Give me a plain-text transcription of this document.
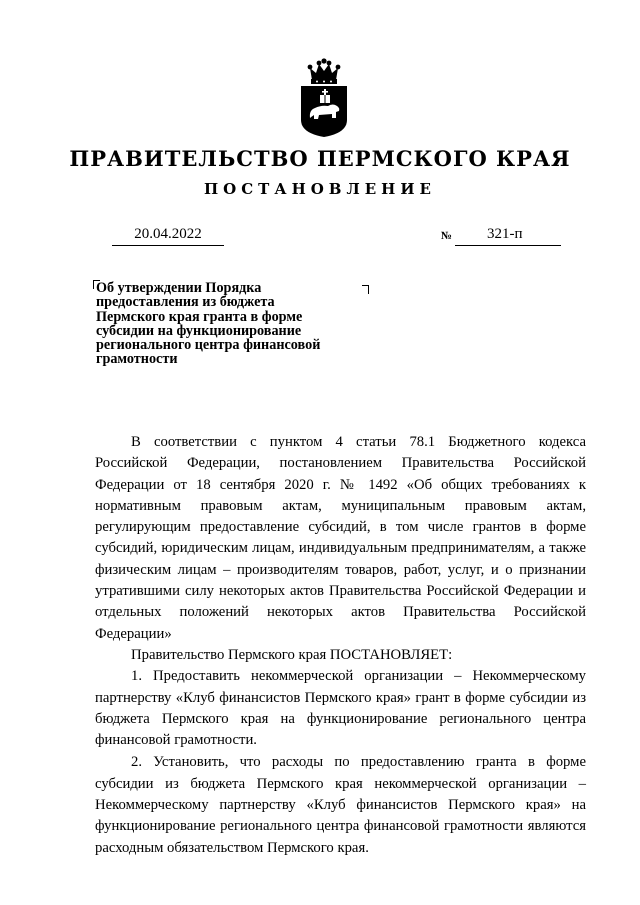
ПРАВИТЕЛЬСТВО ПЕРМСКОГО КРАЯ
ПОСТАНОВЛЕНИЕ
20.04.2022	№ 321-п
Об утверждении Порядка
предоставления из бюджета
Пермского края гранта в форме
субсидии на функционирование
регионального центра финансовой
грамотности

В соответствии с пунктом 4 статьи 78.1 Бюджетного кодекса Российской Федерации, постановлением Правительства Российской Федерации от 18 сентября 2020 г. № 1492 «Об общих требованиях к нормативным правовым актам, муниципальным правовым актам, регулирующим предоставление субсидий, в том числе грантов в форме субсидий, юридическим лицам, индивидуальным предпринимателям, а также физическим лицам – производителям товаров, работ, услуг, и о признании утратившими силу некоторых актов Правительства Российской Федерации и отдельных положений некоторых актов Правительства Российской Федерации»

Правительство Пермского края ПОСТАНОВЛЯЕТ:

1. Предоставить некоммерческой организации – Некоммерческому партнерству «Клуб финансистов Пермского края» грант в форме субсидии из бюджета Пермского края на функционирование регионального центра финансовой грамотности.

2. Установить, что расходы по предоставлению гранта в форме субсидии из бюджета Пермского края некоммерческой организации – Некоммерческому партнерству «Клуб финансистов Пермского края» на функционирование регионального центра финансовой грамотности являются расходным обязательством Пермского края.
